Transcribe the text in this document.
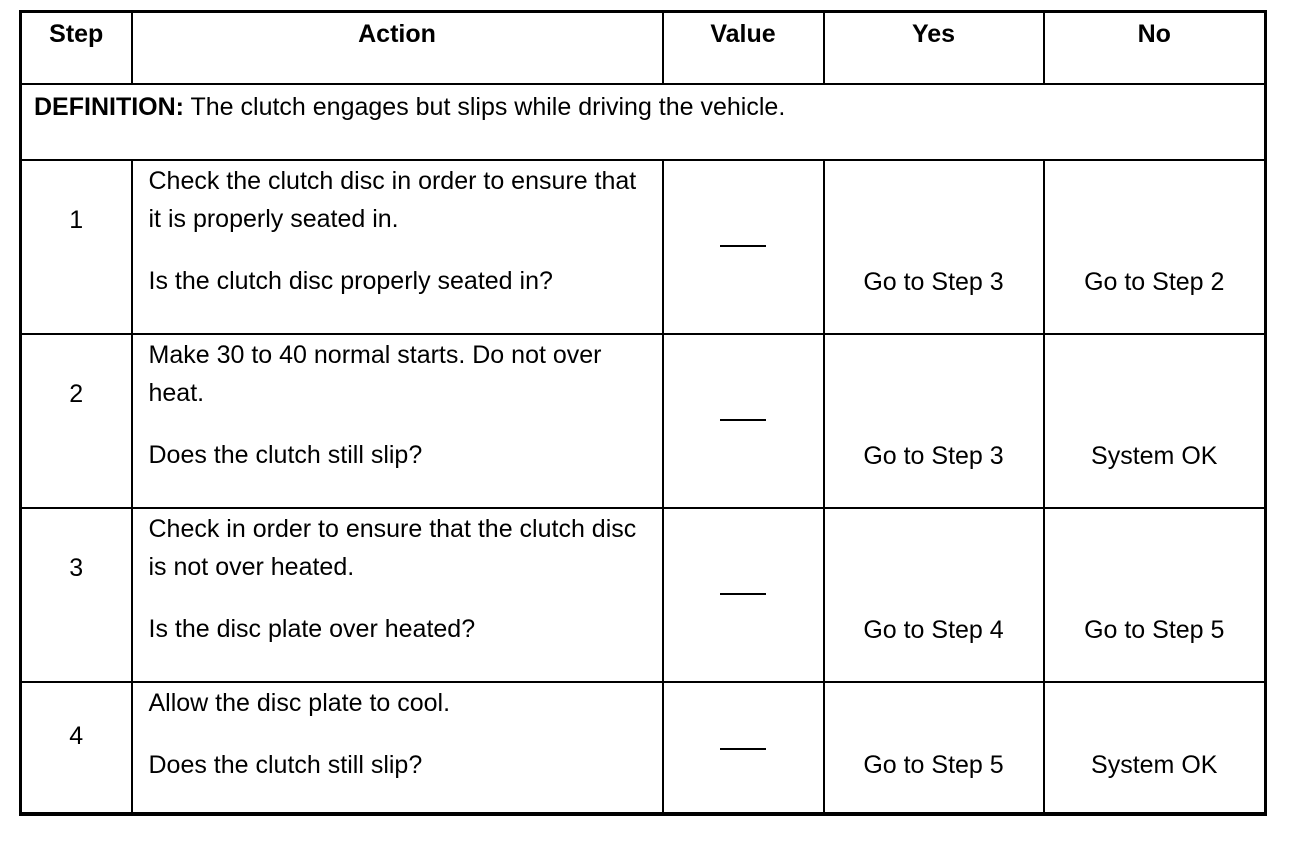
Step	Action	Value	Yes	No
DEFINITION: The clutch engages but slips while driving the vehicle.				

1	Check the clutch disc in order to ensure that it is properly seated in.
Is the clutch disc properly seated in?		Go to Step 3	Go to Step 2

2	Make 30 to 40 normal starts. Do not over heat.
Does the clutch still slip?		Go to Step 3	System OK

3	Check in order to ensure that the clutch disc is not over heated.
Is the disc plate over heated?		Go to Step 4	Go to Step 5

4	Allow the disc plate to cool.
Does the clutch still slip?		Go to Step 5	System OK
